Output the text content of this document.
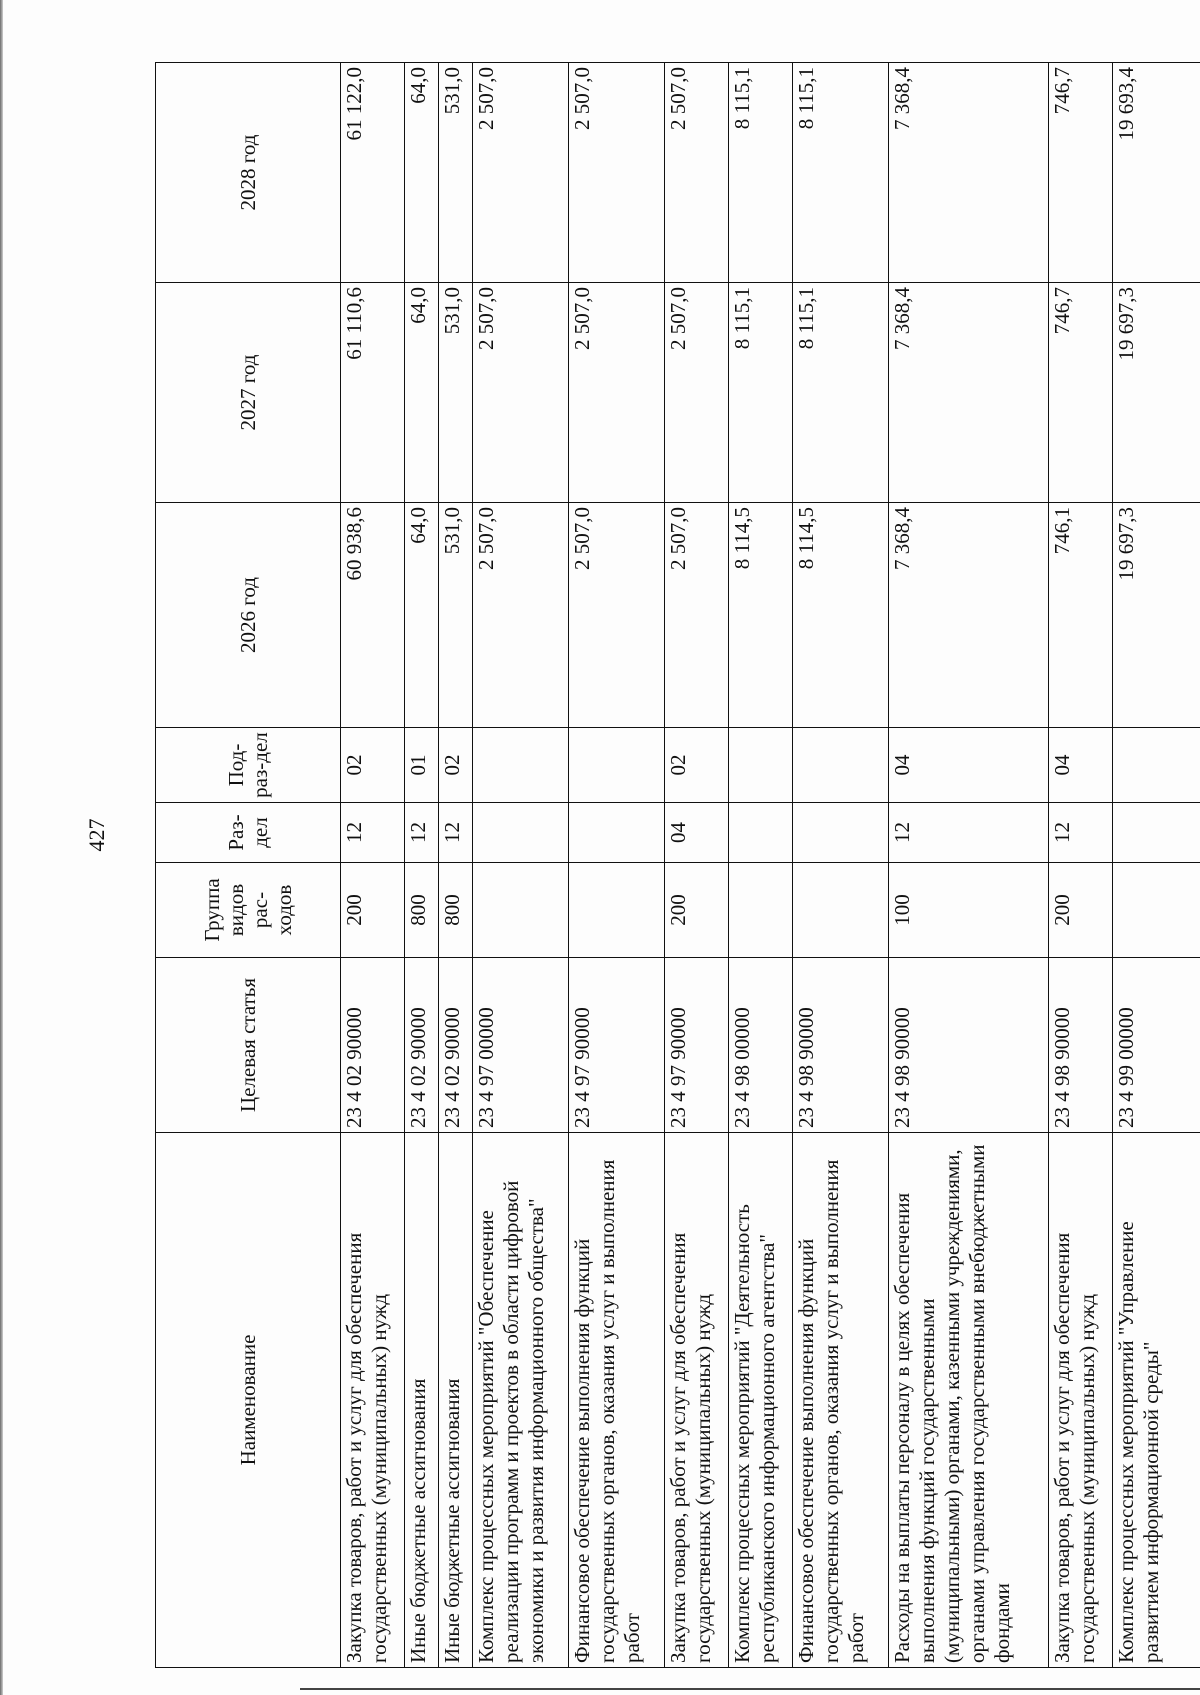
427
Наименование	Целевая статья	Группа видов рас-ходов	Раз-дел	Под-раз-дел	2026 год	2027 год	2028 год
Закупка товаров, работ и услуг для обеспечения государственных (муниципальных) нужд	23 4 02 90000	200	12	02	60 938,6	61 110,6	61 122,0
Иные бюджетные ассигнования	23 4 02 90000	800	12	01	64,0	64,0	64,0
Иные бюджетные ассигнования	23 4 02 90000	800	12	02	531,0	531,0	531,0
Комплекс процессных мероприятий "Обеспечение реализации программ и проектов в области цифровой экономики и развития информационного общества"	23 4 97 00000				2 507,0	2 507,0	2 507,0
Финансовое обеспечение выполнения функций государственных органов, оказания услуг и выполнения работ	23 4 97 90000				2 507,0	2 507,0	2 507,0
Закупка товаров, работ и услуг для обеспечения государственных (муниципальных) нужд	23 4 97 90000	200	04	02	2 507,0	2 507,0	2 507,0
Комплекс процессных мероприятий "Деятельность республиканского информационного агентства"	23 4 98 00000				8 114,5	8 115,1	8 115,1
Финансовое обеспечение выполнения функций государственных органов, оказания услуг и выполнения работ	23 4 98 90000				8 114,5	8 115,1	8 115,1
Расходы на выплаты персоналу в целях обеспечения выполнения функций государственными (муниципальными) органами, казенными учреждениями, органами управления государственными внебюджетными фондами	23 4 98 90000	100	12	04	7 368,4	7 368,4	7 368,4
Закупка товаров, работ и услуг для обеспечения государственных (муниципальных) нужд	23 4 98 90000	200	12	04	746,1	746,7	746,7
Комплекс процессных мероприятий "Управление развитием информационной среды"	23 4 99 00000				19 697,3	19 697,3	19 693,4
